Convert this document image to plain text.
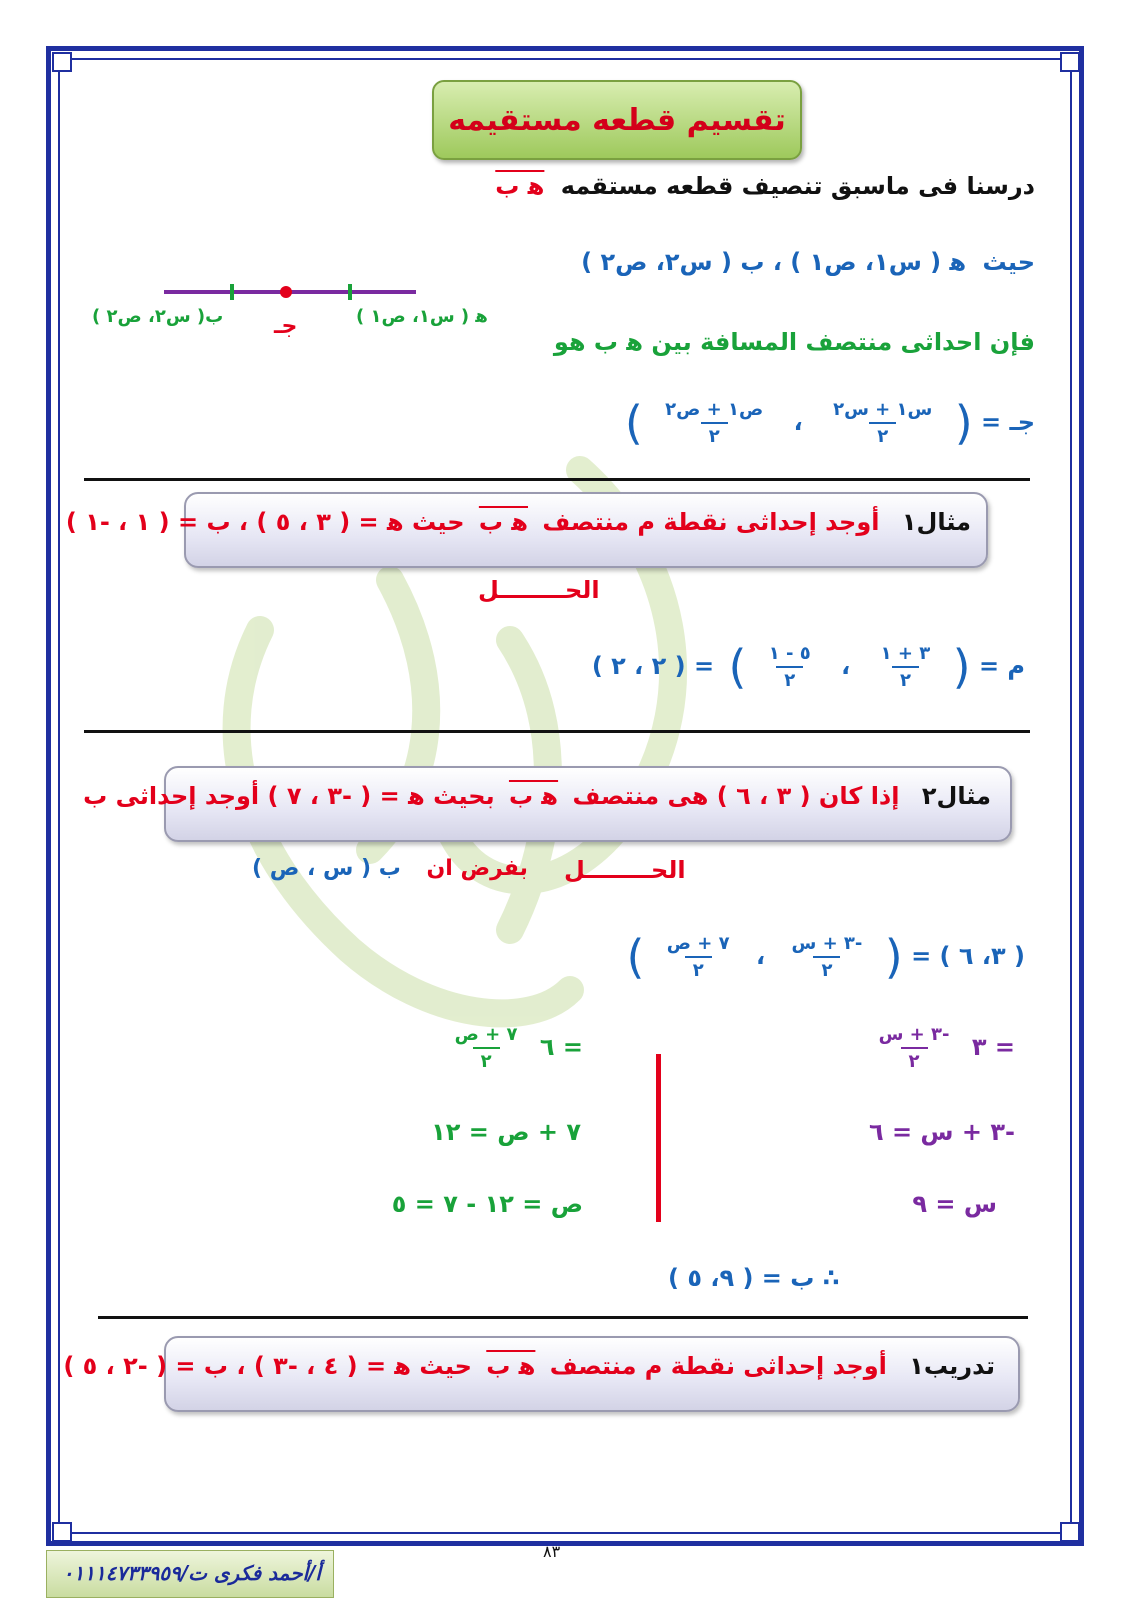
تقسيم قطعه مستقيمه
درسنا فى ماسبق تنصيف قطعه مستقمه ﻫ ب
حيث ﻫ ( س١، ص١ ) ، ب ( س٢، ص٢ )
فإن احداثى منتصف المسافة بين ﻫ ب هو
ﻫ ( س١، ص١ )
ب( س٢، ص٢ ) جـ
جـ = (
$\frac{\text{س١ + س٢}}{٢}$
،
$\frac{\text{ص١ + ص٢}}{٢}$
)
مثال١ أوجد إحداثى نقطة م منتصف ﻫ ب حيث ﻫ = ( ٣ ، ٥ ) ، ب = ( ١ ، -١ )
الحــــــــل
م = (
$\frac{٣ + ١}{٢}$
،
$\frac{٥ - ١}{٢}$
) = ( ٢ ، ٢ )
مثال٢ إذا كان ( ٣ ، ٦ ) هى منتصف ﻫ ب بحيث ﻫ = ( -٣ ، ٧ ) أوجد إحداثى ب
الحــــــــل
بفرض ان ب ( س ، ص )
( ٣، ٦ ) = (
$\frac{\text{-٣ + س}}{٢}$
،
$\frac{\text{٧ + ص}}{٢}$
)
= ٣
$\frac{\text{-٣ + س}}{٢}$
-٣ + س = ٦
س = ٩
= ٦
$\frac{\text{٧ + ص}}{٢}$
٧ + ص = ١٢
ص = ١٢ - ٧ = ٥
∴ ب = ( ٩، ٥ )
تدريب١ أوجد إحداثى نقطة م منتصف ﻫ ب حيث ﻫ = ( ٤ ، -٣ ) ، ب = ( -٢ ، ٥ )
٨٣
أ/أحمد فكرى ت/٠١١١٤٧٣٣٩٥٩
